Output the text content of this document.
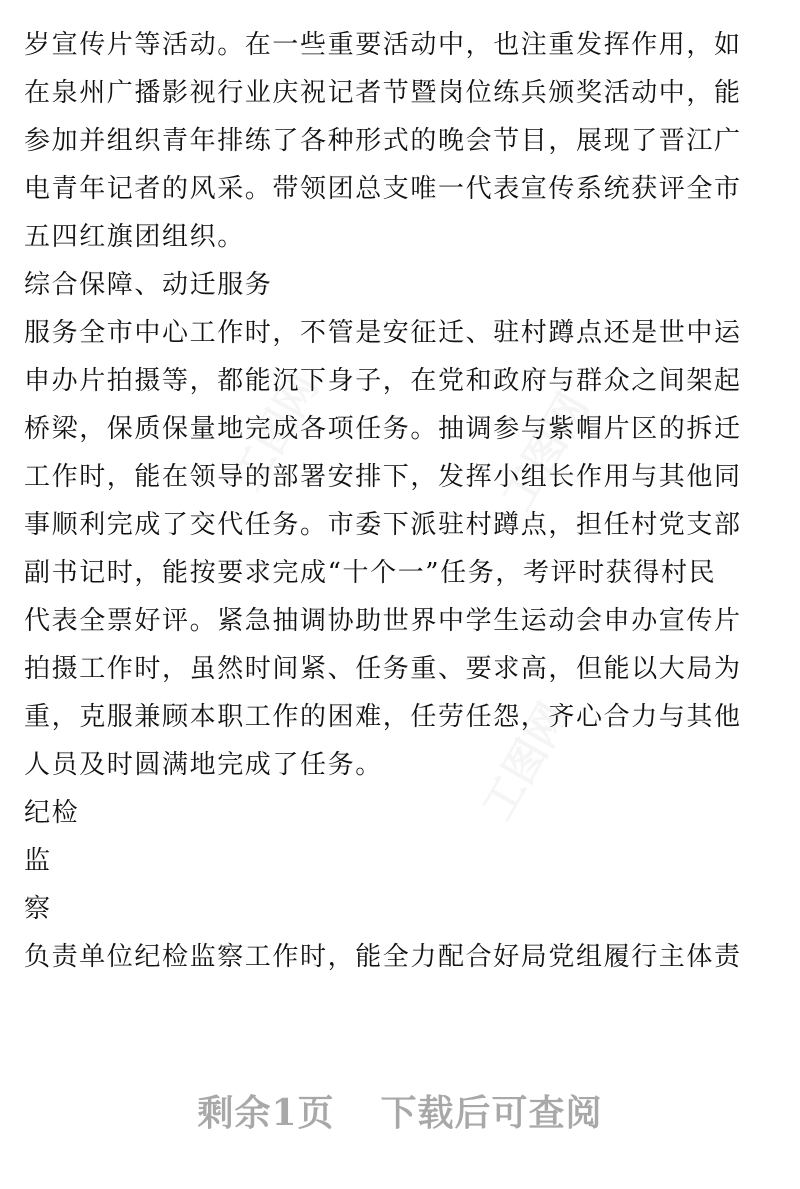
工图网	工图网
工图网
岁宣传片等活动。在一些重要活动中，也注重发挥作用，如
在泉州广播影视行业庆祝记者节暨岗位练兵颁奖活动中，能
参加并组织青年排练了各种形式的晚会节目，展现了晋江广
电青年记者的风采。带领团总支唯一代表宣传系统获评全市
五四红旗团组织。
综合保障、动迁服务
服务全市中心工作时，不管是安征迁、驻村蹲点还是世中运
申办片拍摄等，都能沉下身子，在党和政府与群众之间架起
桥梁，保质保量地完成各项任务。抽调参与紫帽片区的拆迁
工作时，能在领导的部署安排下，发挥小组长作用与其他同
事顺利完成了交代任务。市委下派驻村蹲点，担任村党支部
副书记时，能按要求完成“十个一”任务，考评时获得村民
代表全票好评。紧急抽调协助世界中学生运动会申办宣传片
拍摄工作时，虽然时间紧、任务重、要求高，但能以大局为
重，克服兼顾本职工作的困难，任劳任怨，齐心合力与其他
人员及时圆满地完成了任务。
纪检
监
察
负责单位纪检监察工作时，能全力配合好局党组履行主体责
剩余1页 下载后可查阅
